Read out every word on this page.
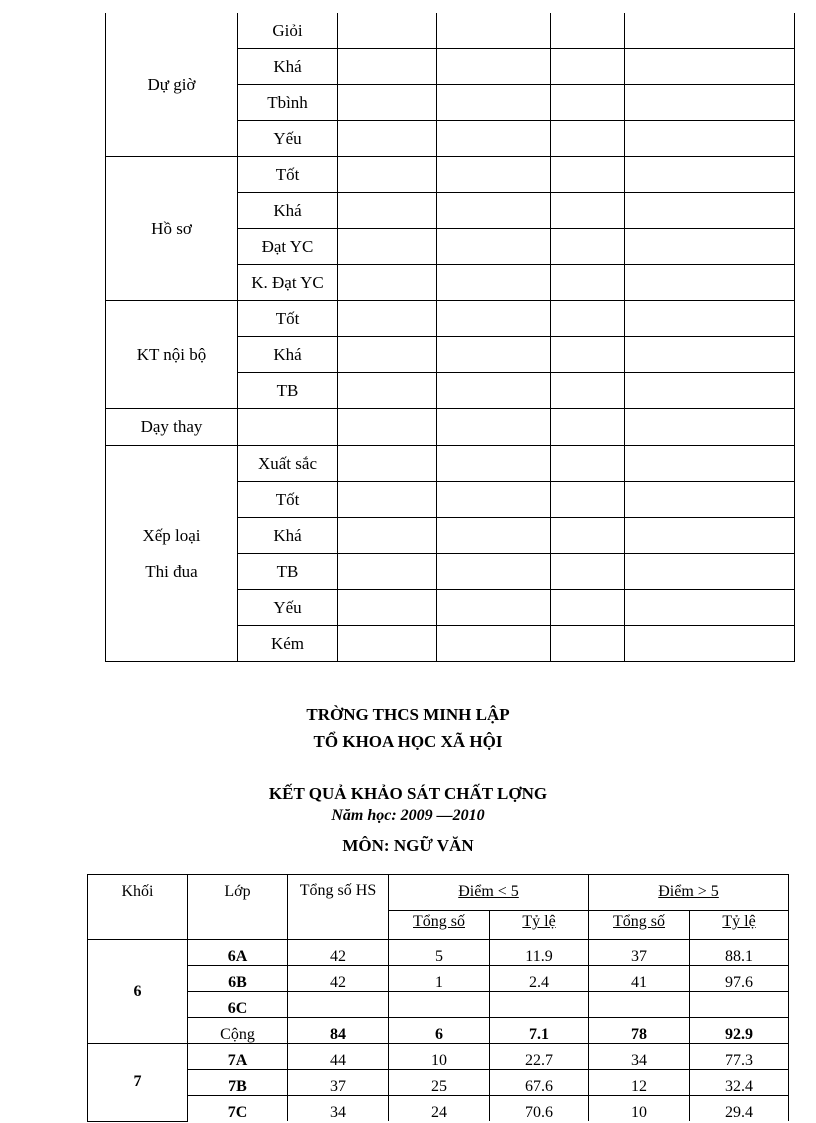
Dự giờ	Giỏi				
	Khá				
	Tbình				
	Yếu				

Hồ sơ	Tốt				
	Khá				
	Đạt YC				
	K. Đạt YC				

KT nội bộ	Tốt				
	Khá				
	TB				

Dạy thay					

Xếp loại
Thi đua	Xuất sắc				
	Tốt				
	Khá				
	TB				
	Yếu				
	Kém				
TRỜNG THCS MINH LẬP
TỔ KHOA HỌC XÃ HỘI
KẾT QUẢ KHẢO SÁT CHẤT LỢNG
Năm học: 2009 —2010
MÔN: NGỮ VĂN
Khối	Lớp	Tổng số HS	Điểm < 5		Điểm > 5	
			Tổng số	Tỷ lệ	Tổng số	Tỷ lệ
6	6A	42	5	11.9	37	88.1
	6B	42	1	2.4	41	97.6
	6C					
	Cộng	84	6	7.1	78	92.9
7	7A	44	10	22.7	34	77.3
	7B	37	25	67.6	12	32.4
	7C	34	24	70.6	10	29.4
